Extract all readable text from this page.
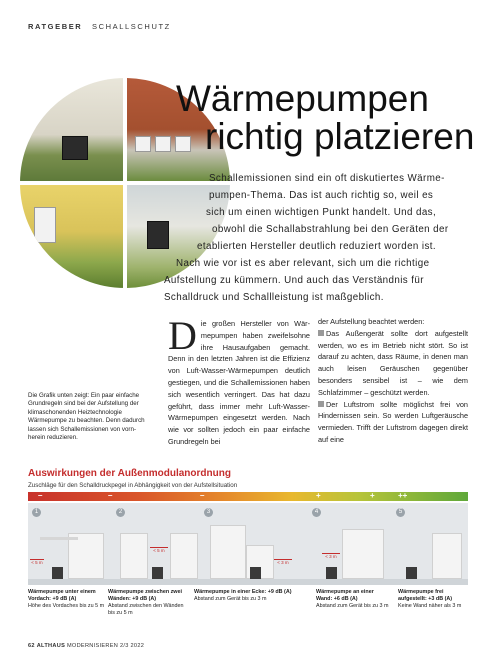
RATGEBER SCHALLSCHUTZ
Wärmepumpen
richtig platzieren
Schallemissionen sind ein oft diskutiertes Wärme-
pumpen-Thema. Das ist auch richtig so, weil es
sich um einen wichtigen Punkt handelt. Und das,
obwohl die Schallabstrahlung bei den Geräten der
etablierten Hersteller deutlich reduziert worden ist.
Nach wie vor ist es aber relevant, sich um die richtige
Aufstellung zu kümmern. Und auch das Verständnis für
Schalldruck und Schallleistung ist maßgeblich.
Die Grafik unten zeigt: Ein paar einfache Grundregeln sind bei der Aufstellung der klimaschonenden Heiztechnologie Wärmepumpe zu beachten. Denn dadurch lassen sich Schallemissionen von vornherein reduzieren.
D ie großen Hersteller von Wärmepumpen haben zweifelsohne ihre Hausaufgaben gemacht. Denn in den letzten Jahren ist die Effizienz von Luft-Wasser-Wärmepumpen deutlich gestiegen, und die Schallemissionen haben sich wesentlich verringert. Das hat dazu geführt, dass immer mehr Luft-Wasser-Wärmepumpen eingesetzt werden. Nach wie vor sollten jedoch ein paar einfache Grundregeln bei
der Aufstellung beachtet werden:
Das Außengerät sollte dort aufgestellt werden, wo es im Betrieb nicht stört. So ist darauf zu achten, dass Räume, in denen man auch leisen Geräuschen gegenüber besonders sensibel ist – wie dem Schlafzimmer – geschützt werden.
Der Luftstrom sollte möglichst frei von Hindernissen sein. So werden Luftgeräusche vermieden. Trifft der Luftstrom dagegen direkt auf eine
Auswirkungen der Außenmodulanordnung
Zuschläge für den Schalldruckpegel in Abhängigkeit von der Aufstellsituation
–	–	–	+	+	++
1
< 5 m
2
< 5 m
3
< 3 m
4
< 3 m
5
Wärmepumpe unter einem Vordach: +9 dB (A)
Höhe des Vordaches bis zu 5 m
Wärmepumpe zwischen zwei Wänden: +9 dB (A)
Abstand zwischen den Wänden bis zu 5 m
Wärmepumpe in einer Ecke: +9 dB (A)
Abstand zum Gerät bis zu 3 m
Wärmepumpe an einer Wand: +6 dB (A)
Abstand zum Gerät bis zu 3 m
Wärmepumpe frei aufgestellt: +3 dB (A)
Keine Wand näher als 3 m
62 ALTHAUS MODERNISIEREN 2/3 2022
